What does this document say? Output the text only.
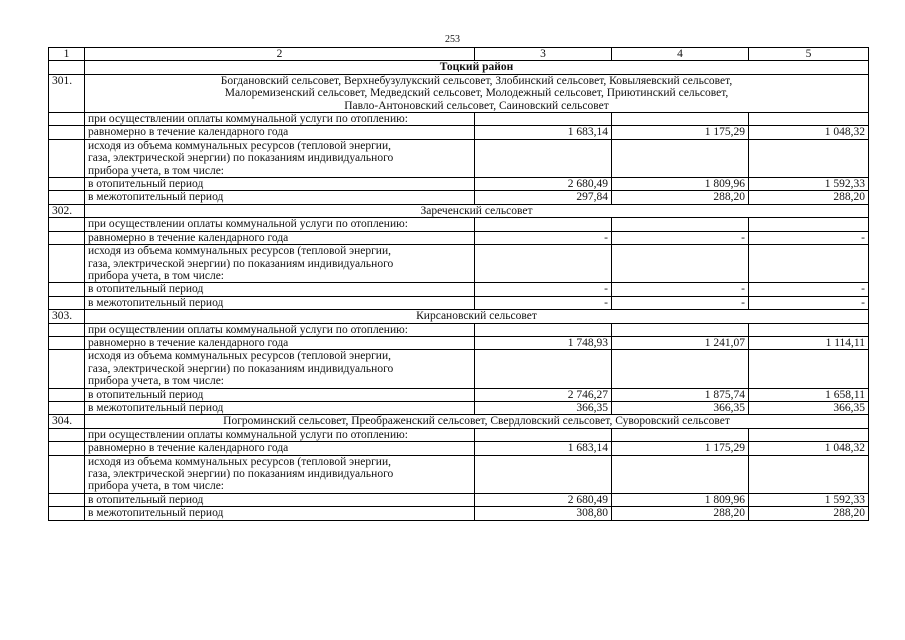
253
1	2	3	4	5
	Тоцкий район			
301.	Богдановский сельсовет, Верхнебузулукский сельсовет, Злобинский сельсовет, Ковыляевский сельсовет,
Малоремизенский сельсовет, Медведский сельсовет, Молодежный сельсовет, Приютинский сельсовет,
Павло-Антоновский сельсовет, Саиновский сельсовет			

	при осуществлении оплаты коммунальной услуги по отоплению:			

	равномерно в течение календарного года	1 683,14	1 175,29	1 048,32

	исходя из объема коммунальных ресурсов (тепловой энергии,
газа, электрической энергии) по показаниям индивидуального
прибора учета, в том числе:			

	в отопительный период	2 680,49	1 809,96	1 592,33

	в межотопительный период	297,84	288,20	288,20
302.	Зареченский сельсовет			

	при осуществлении оплаты коммунальной услуги по отоплению:			

	равномерно в течение календарного года	-	-	-

	исходя из объема коммунальных ресурсов (тепловой энергии,
газа, электрической энергии) по показаниям индивидуального
прибора учета, в том числе:			

	в отопительный период	-	-	-

	в межотопительный период	-	-	-
303.	Кирсановский сельсовет			

	при осуществлении оплаты коммунальной услуги по отоплению:			

	равномерно в течение календарного года	1 748,93	1 241,07	1 114,11

	исходя из объема коммунальных ресурсов (тепловой энергии,
газа, электрической энергии) по показаниям индивидуального
прибора учета, в том числе:			

	в отопительный период	2 746,27	1 875,74	1 658,11

	в межотопительный период	366,35	366,35	366,35
304.	Погроминский сельсовет, Преображенский сельсовет, Свердловский сельсовет, Суворовский сельсовет			

	при осуществлении оплаты коммунальной услуги по отоплению:			

	равномерно в течение календарного года	1 683,14	1 175,29	1 048,32

	исходя из объема коммунальных ресурсов (тепловой энергии,
газа, электрической энергии) по показаниям индивидуального
прибора учета, в том числе:			

	в отопительный период	2 680,49	1 809,96	1 592,33

	в межотопительный период	308,80	288,20	288,20
